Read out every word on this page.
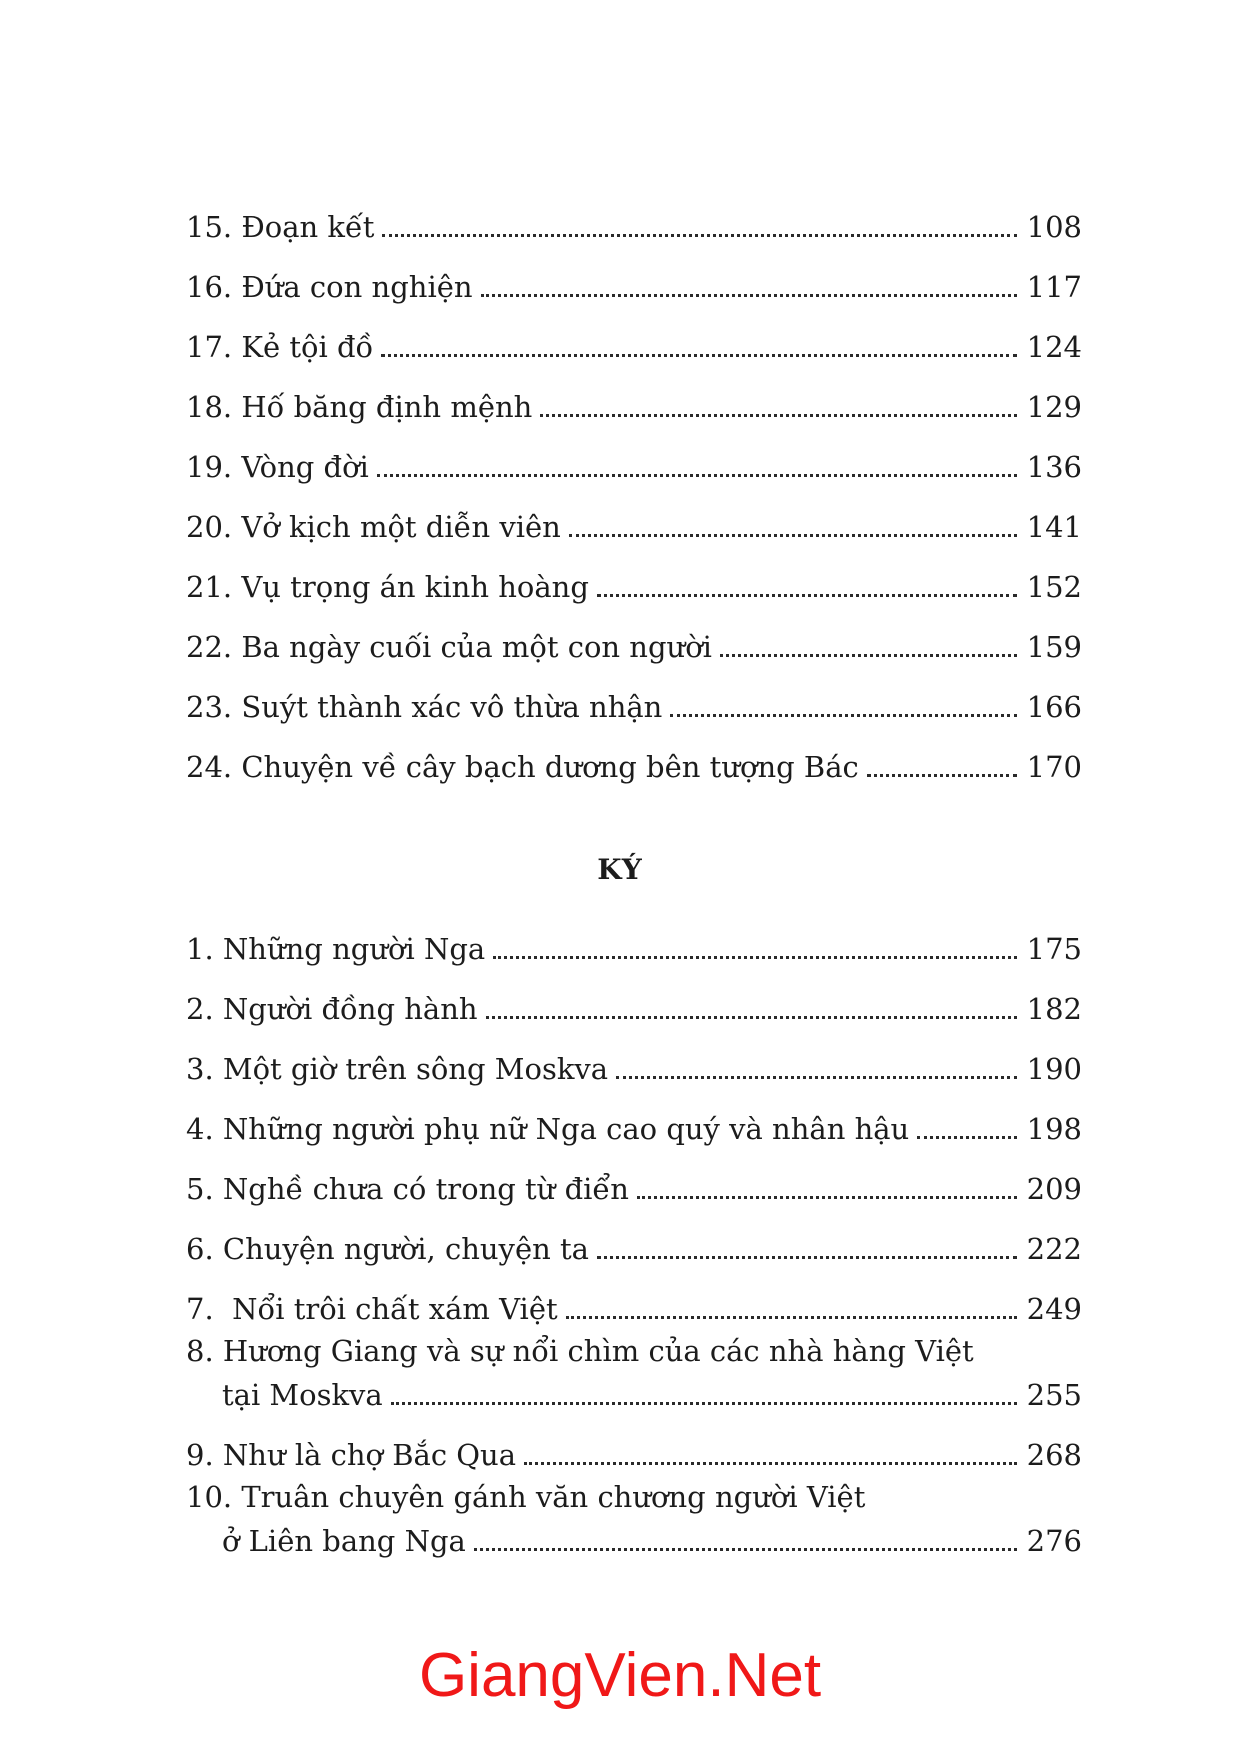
15. Đoạn kết	108
16. Đứa con nghiện	117
17. Kẻ tội đồ	124
18. Hố băng định mệnh	129
19. Vòng đời	136
20. Vở kịch một diễn viên	141
21. Vụ trọng án kinh hoàng	152
22. Ba ngày cuối của một con người	159
23. Suýt thành xác vô thừa nhận	166
24. Chuyện về cây bạch dương bên tượng Bác	170
KÝ
1. Những người Nga	175
2. Người đồng hành	182
3. Một giờ trên sông Moskva	190
4. Những người phụ nữ Nga cao quý và nhân hậu	198
5. Nghề chưa có trong từ điển	209
6. Chuyện người, chuyện ta	222
7.  Nổi trôi chất xám Việt	249
8. Hương Giang và sự nổi chìm của các nhà hàng Việt
tại Moskva	255
9. Như là chợ Bắc Qua	268
10. Truân chuyên gánh văn chương người Việt
ở Liên bang Nga	276
GiangVien.Net
